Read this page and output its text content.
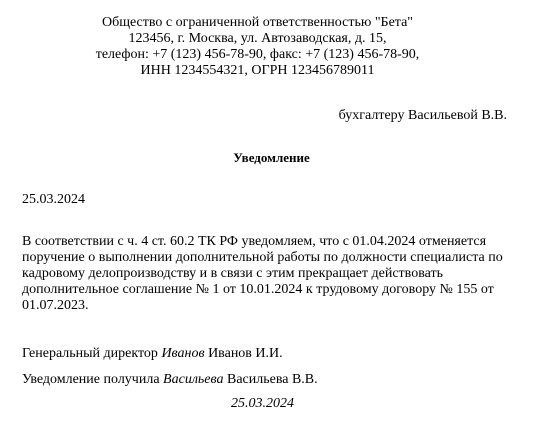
Общество с ограниченной ответственностью "Бета"
123456, г. Москва, ул. Автозаводская, д. 15,
телефон: +7 (123) 456-78-90, факс: +7 (123) 456-78-90,
ИНН 1234554321, ОГРН 123456789011
бухгалтеру Васильевой В.В.
Уведомление
25.03.2024
В соответствии с ч. 4 ст. 60.2 ТК РФ уведомляем, что с 01.04.2024 отменяется
поручение о выполнении дополнительной работы по должности специалиста по
кадровому делопроизводству и в связи с этим прекращает действовать
дополнительное соглашение № 1 от 10.01.2024 к трудовому договору № 155 от
01.07.2023.
Генеральный директор Иванов Иванов И.И.
Уведомление получила Васильева Васильева В.В.
25.03.2024
